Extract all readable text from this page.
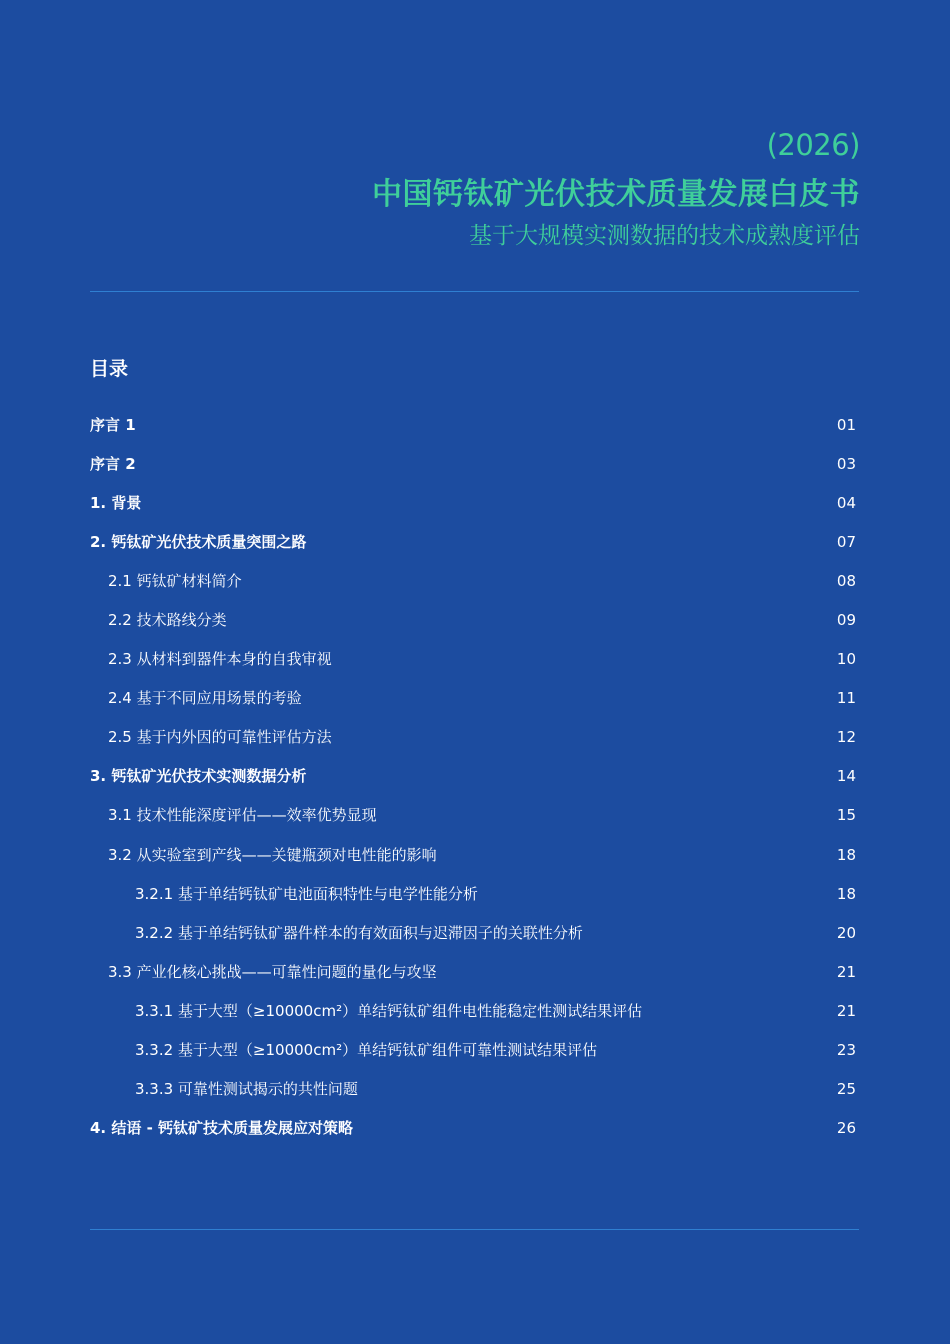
(2026)
中国钙钛矿光伏技术质量发展白皮书
基于大规模实测数据的技术成熟度评估
目录
序言 1	01
序言 2	03
1. 背景	04
2. 钙钛矿光伏技术质量突围之路	07
2.1 钙钛矿材料简介	08
2.2 技术路线分类	09
2.3 从材料到器件本身的自我审视	10
2.4 基于不同应用场景的考验	11
2.5 基于内外因的可靠性评估方法	12
3. 钙钛矿光伏技术实测数据分析	14
3.1 技术性能深度评估——效率优势显现	15
3.2 从实验室到产线——关键瓶颈对电性能的影响	18
3.2.1 基于单结钙钛矿电池面积特性与电学性能分析	18
3.2.2 基于单结钙钛矿器件样本的有效面积与迟滞因子的关联性分析	20
3.3 产业化核心挑战——可靠性问题的量化与攻坚	21
3.3.1 基于大型（≥10000cm²）单结钙钛矿组件电性能稳定性测试结果评估	21
3.3.2 基于大型（≥10000cm²）单结钙钛矿组件可靠性测试结果评估	23
3.3.3 可靠性测试揭示的共性问题	25
4. 结语 - 钙钛矿技术质量发展应对策略	26
